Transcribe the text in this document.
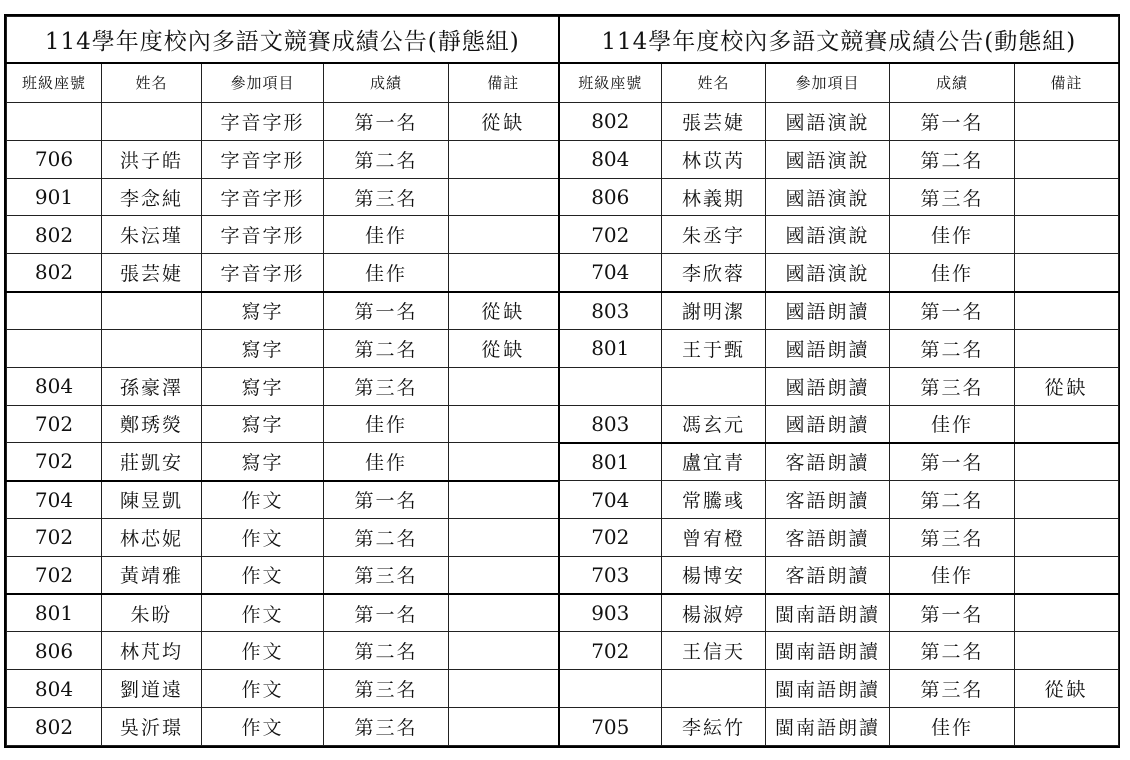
114學年度校內多語文競賽成績公告(靜態組)					114學年度校內多語文競賽成績公告(動態組)				
班級座號	姓名	參加項目	成績	備註	班級座號	姓名	參加項目	成績	備註
		字音字形	第一名	從缺	802	張芸婕	國語演說	第一名	
706	洪子皓	字音字形	第二名		804	林苡芮	國語演說	第二名	
901	李念純	字音字形	第三名		806	林義期	國語演說	第三名	
802	朱沄瑾	字音字形	佳作		702	朱丞宇	國語演說	佳作	
802	張芸婕	字音字形	佳作		704	李欣蓉	國語演說	佳作	
		寫字	第一名	從缺	803	謝明潔	國語朗讀	第一名	
		寫字	第二名	從缺	801	王于甄	國語朗讀	第二名	
804	孫豪澤	寫字	第三名				國語朗讀	第三名	從缺
702	鄭琇熒	寫字	佳作		803	馮玄元	國語朗讀	佳作	
702	莊凱安	寫字	佳作		801	盧宜青	客語朗讀	第一名	
704	陳昱凱	作文	第一名		704	常騰彧	客語朗讀	第二名	
702	林芯妮	作文	第二名		702	曾宥橙	客語朗讀	第三名	
702	黃靖雅	作文	第三名		703	楊博安	客語朗讀	佳作	
801	朱昐	作文	第一名		903	楊淑婷	閩南語朗讀	第一名	
806	林芃均	作文	第二名		702	王信天	閩南語朗讀	第二名	
804	劉道遠	作文	第三名				閩南語朗讀	第三名	從缺
802	吳沂璟	作文	第三名		705	李紜竹	閩南語朗讀	佳作	
